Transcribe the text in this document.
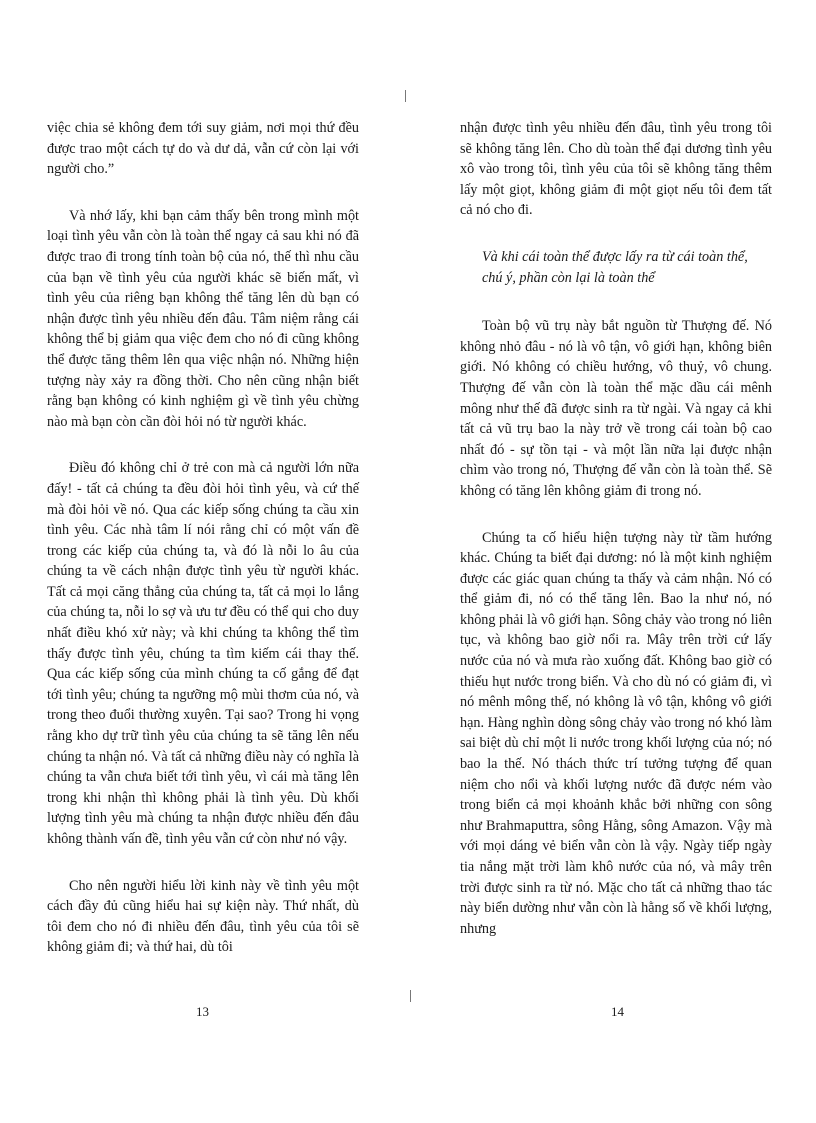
việc chia sẻ không đem tới suy giảm, nơi mọi thứ đều được trao một cách tự do và dư dả, vẫn cứ còn lại với người cho.”

Và nhớ lấy, khi bạn cảm thấy bên trong mình một loại tình yêu vẫn còn là toàn thể ngay cả sau khi nó đã được trao đi trong tính toàn bộ của nó, thế thì nhu cầu của bạn về tình yêu của người khác sẽ biến mất, vì tình yêu của riêng bạn không thể tăng lên dù bạn có nhận được tình yêu nhiều đến đâu. Tâm niệm rằng cái không thể bị giảm qua việc đem cho nó đi cũng không thể được tăng thêm lên qua việc nhận nó. Những hiện tượng này xảy ra đồng thời. Cho nên cũng nhận biết rằng bạn không có kinh nghiệm gì về tình yêu chừng nào mà bạn còn cần đòi hỏi nó từ người khác.

Điều đó không chỉ ở trẻ con mà cả người lớn nữa đấy! - tất cả chúng ta đều đòi hỏi tình yêu, và cứ thế mà đòi hỏi về nó. Qua các kiếp sống chúng ta cầu xin tình yêu. Các nhà tâm lí nói rằng chỉ có một vấn đề trong các kiếp của chúng ta, và đó là nỗi lo âu của chúng ta về cách nhận được tình yêu từ người khác. Tất cả mọi căng thẳng của chúng ta, tất cả mọi lo lắng của chúng ta, nỗi lo sợ và ưu tư đều có thể qui cho duy nhất điều khó xử này; và khi chúng ta không thể tìm thấy được tình yêu, chúng ta tìm kiếm cái thay thế. Qua các kiếp sống của mình chúng ta cố gắng để đạt tới tình yêu; chúng ta ngưỡng mộ mùi thơm của nó, và trong theo đuổi thường xuyên. Tại sao? Trong hi vọng rằng kho dự trữ tình yêu của chúng ta sẽ tăng lên nếu chúng ta nhận nó. Và tất cả những điều này có nghĩa là chúng ta vẫn chưa biết tới tình yêu, vì cái mà tăng lên trong khi nhận thì không phải là tình yêu. Dù khối lượng tình yêu mà chúng ta nhận được nhiều đến đâu không thành vấn đề, tình yêu vẫn cứ còn như nó vậy.

Cho nên người hiểu lời kinh này về tình yêu một cách đầy đủ cũng hiểu hai sự kiện này. Thứ nhất, dù tôi đem cho nó đi nhiều đến đâu, tình yêu của tôi sẽ không giảm đi; và thứ hai, dù tôi

nhận được tình yêu nhiều đến đâu, tình yêu trong tôi sẽ không tăng lên. Cho dù toàn thể đại dương tình yêu xô vào trong tôi, tình yêu của tôi sẽ không tăng thêm lấy một giọt, không giảm đi một giọt nếu tôi đem tất cả nó cho đi.

Và khi cái toàn thể được lấy ra từ cái toàn thể,
chú ý, phần còn lại là toàn thể

Toàn bộ vũ trụ này bắt nguồn từ Thượng đế. Nó không nhỏ đâu - nó là vô tận, vô giới hạn, không biên giới. Nó không có chiều hướng, vô thuỷ, vô chung. Thượng đế vẫn còn là toàn thể mặc dầu cái mênh mông như thế đã được sinh ra từ ngài. Và ngay cả khi tất cả vũ trụ bao la này trở về trong cái toàn bộ cao nhất đó - sự tồn tại - và một lần nữa lại được nhận chìm vào trong nó, Thượng đế vẫn còn là toàn thể. Sẽ không có tăng lên không giảm đi trong nó.

Chúng ta cố hiểu hiện tượng này từ tầm hướng khác. Chúng ta biết đại dương: nó là một kinh nghiệm được các giác quan chúng ta thấy và cảm nhận. Nó có thể giảm đi, nó có thể tăng lên. Bao la như nó, nó không phải là vô giới hạn. Sông chảy vào trong nó liên tục, và không bao giờ nổi ra. Mây trên trời cứ lấy nước của nó và mưa rào xuống đất. Không bao giờ có thiếu hụt nước trong biển. Và cho dù nó có giảm đi, vì nó mênh mông thế, nó không là vô tận, không vô giới hạn. Hàng nghìn dòng sông chảy vào trong nó khó làm sai biệt dù chỉ một li nước trong khối lượng của nó; nó bao la thế. Nó thách thức trí tưởng tượng để quan niệm cho nổi và khối lượng nước đã được ném vào trong biển cả mọi khoảnh khắc bởi những con sông như Brahmaputtra, sông Hằng, sông Amazon. Vậy mà với mọi dáng vẻ biển vẫn còn là vậy. Ngày tiếp ngày tia nắng mặt trời làm khô nước của nó, và mây trên trời được sinh ra từ nó. Mặc cho tất cả những thao tác này biển dường như vẫn còn là hằng số về khối lượng, nhưng

13	14
